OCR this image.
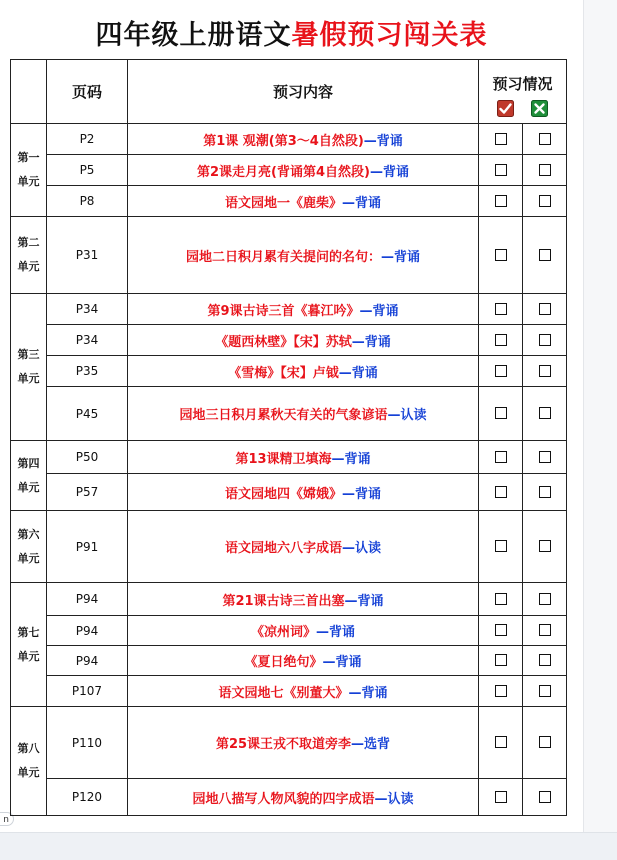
n
四年级上册语文暑假预习闯关表
	页码	预习内容	预习情况	

第一
单元	P2	第1课 观潮(第3～4自然段)—背诵		
	P5	第2课走月亮(背诵第4自然段)—背诵		
	P8	语文园地一《鹿柴》—背诵		

第二
单元	P31	园地二日积月累有关提问的名句：—背诵		

第三
单元	P34	第9课古诗三首《暮江吟》—背诵		
	P34	《题西林壁》【宋】苏轼—背诵		
	P35	《雪梅》【宋】卢钺—背诵		
	P45	园地三日积月累秋天有关的气象谚语—认读		

第四
单元	P50	第13课精卫填海—背诵		
	P57	语文园地四《嫦娥》—背诵		

第六
单元	P91	语文园地六八字成语—认读		

第七
单元	P94	第21课古诗三首出塞—背诵		
	P94	《凉州词》—背诵		
	P94	《夏日绝句》—背诵		
	P107	语文园地七《别董大》—背诵		

第八
单元	P110	第25课王戎不取道旁李—选背		
	P120	园地八描写人物风貌的四字成语—认读		
